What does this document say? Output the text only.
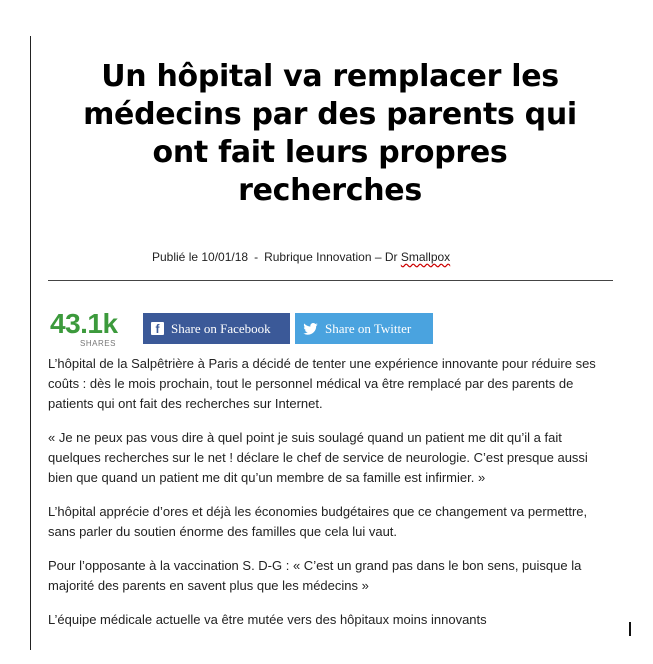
Un hôpital va remplacer les médecins par des parents qui ont fait leurs propres recherches
Publié le 10/01/18 - Rubrique Innovation – Dr Smallpox
43.1k
SHARES
f Share on Facebook	Share on Twitter

L’hôpital de la Salpêtrière à Paris a décidé de tenter une expérience innovante pour réduire ses coûts : dès le mois prochain, tout le personnel médical va être remplacé par des parents de patients qui ont fait des recherches sur Internet.

« Je ne peux pas vous dire à quel point je suis soulagé quand un patient me dit qu’il a fait quelques recherches sur le net ! déclare le chef de service de neurologie. C’est presque aussi bien que quand un patient me dit qu’un membre de sa famille est infirmier. »

L’hôpital apprécie d’ores et déjà les économies budgétaires que ce changement va permettre, sans parler du soutien énorme des familles que cela lui vaut.

Pour l’opposante à la vaccination S. D-G : « C’est un grand pas dans le bon sens, puisque la majorité des parents en savent plus que les médecins »

L’équipe médicale actuelle va être mutée vers des hôpitaux moins innovants
